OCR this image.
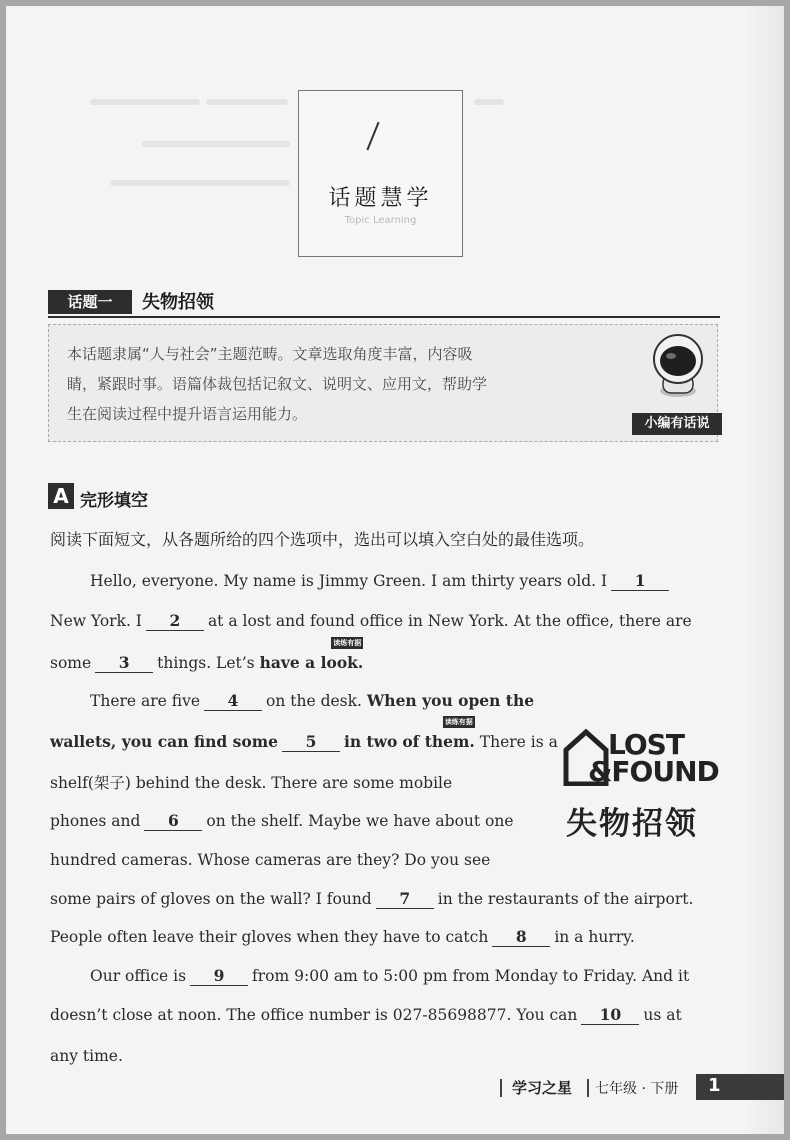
话题慧学
Topic Learning
话题一	失物招领
本话题隶属“人与社会”主题范畴。文章选取角度丰富，内容吸
睛，紧跟时事。语篇体裁包括记叙文、说明文、应用文，帮助学
生在阅读过程中提升语言运用能力。
小编有话说
A 完形填空
阅读下面短文，从各题所给的四个选项中，选出可以填入空白处的最佳选项。
Hello, everyone. My name is Jimmy Green. I am thirty years old. I 1
New York. I 2 at a lost and found office in New York. At the office, there are
some 3 things. Let’s
读练有据
have a look.
There are five 4 on the desk. When you open the
wallets, you can find some 5 in two
读练有据
of them. There is a
shelf(架子) behind the desk. There are some mobile
phones and 6 on the shelf. Maybe we have about one
hundred cameras. Whose cameras are they? Do you see
some pairs of gloves on the wall? I found 7 in the restaurants of the airport.
People often leave their gloves when they have to catch 8 in a hurry.
Our office is 9 from 9:00 am to 5:00 pm from Monday to Friday. And it
doesn’t close at noon. The office number is 027-85698877. You can 10 us at
any time.
LOST
&FOUND
失物招领
学习之星 七年级 · 下册 1
